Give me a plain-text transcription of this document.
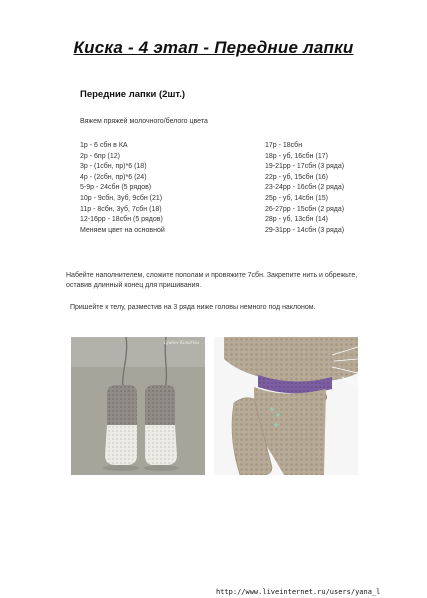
Киска - 4 этап - Передние лапки
Передние лапки (2шт.)
Вяжем пряжей молочного/белого цвета
1р - 6 сбн в КА
2р - 6пр (12)
3р - (1сбн, пр)*6 (18)
4р - (2сбн, пр)*6 (24)
5-9р - 24сбн (5 рядов)
10р - 9сбн, 3уб, 9сбн (21)
11р - 8сбн, 3уб, 7сбн (18)
12-16рр - 18сбн (5 рядов)
Меняем цвет на основной
17р - 18сбн
18р - уб, 16сбн (17)
19-21рр - 17сбн (3 ряда)
22р - уб, 15сбн (16)
23-24рр - 16сбн (2 ряда)
25р - уб, 14сбн (15)
26-27рр - 15сбн (2 ряда)
28р - уб, 13сбн (14)
29-31рр - 14сбн (3 ряда)
Набейте наполнителем, сложите пополам и провяжите 7сбн. Закрепите нить и обрежьте, оставив длинный конец для пришивания.
Пришейте к телу, разместив на 3 ряда ниже головы немного под наклоном.
Lyubov Kondrina
http://www.liveinternet.ru/users/yana_l
